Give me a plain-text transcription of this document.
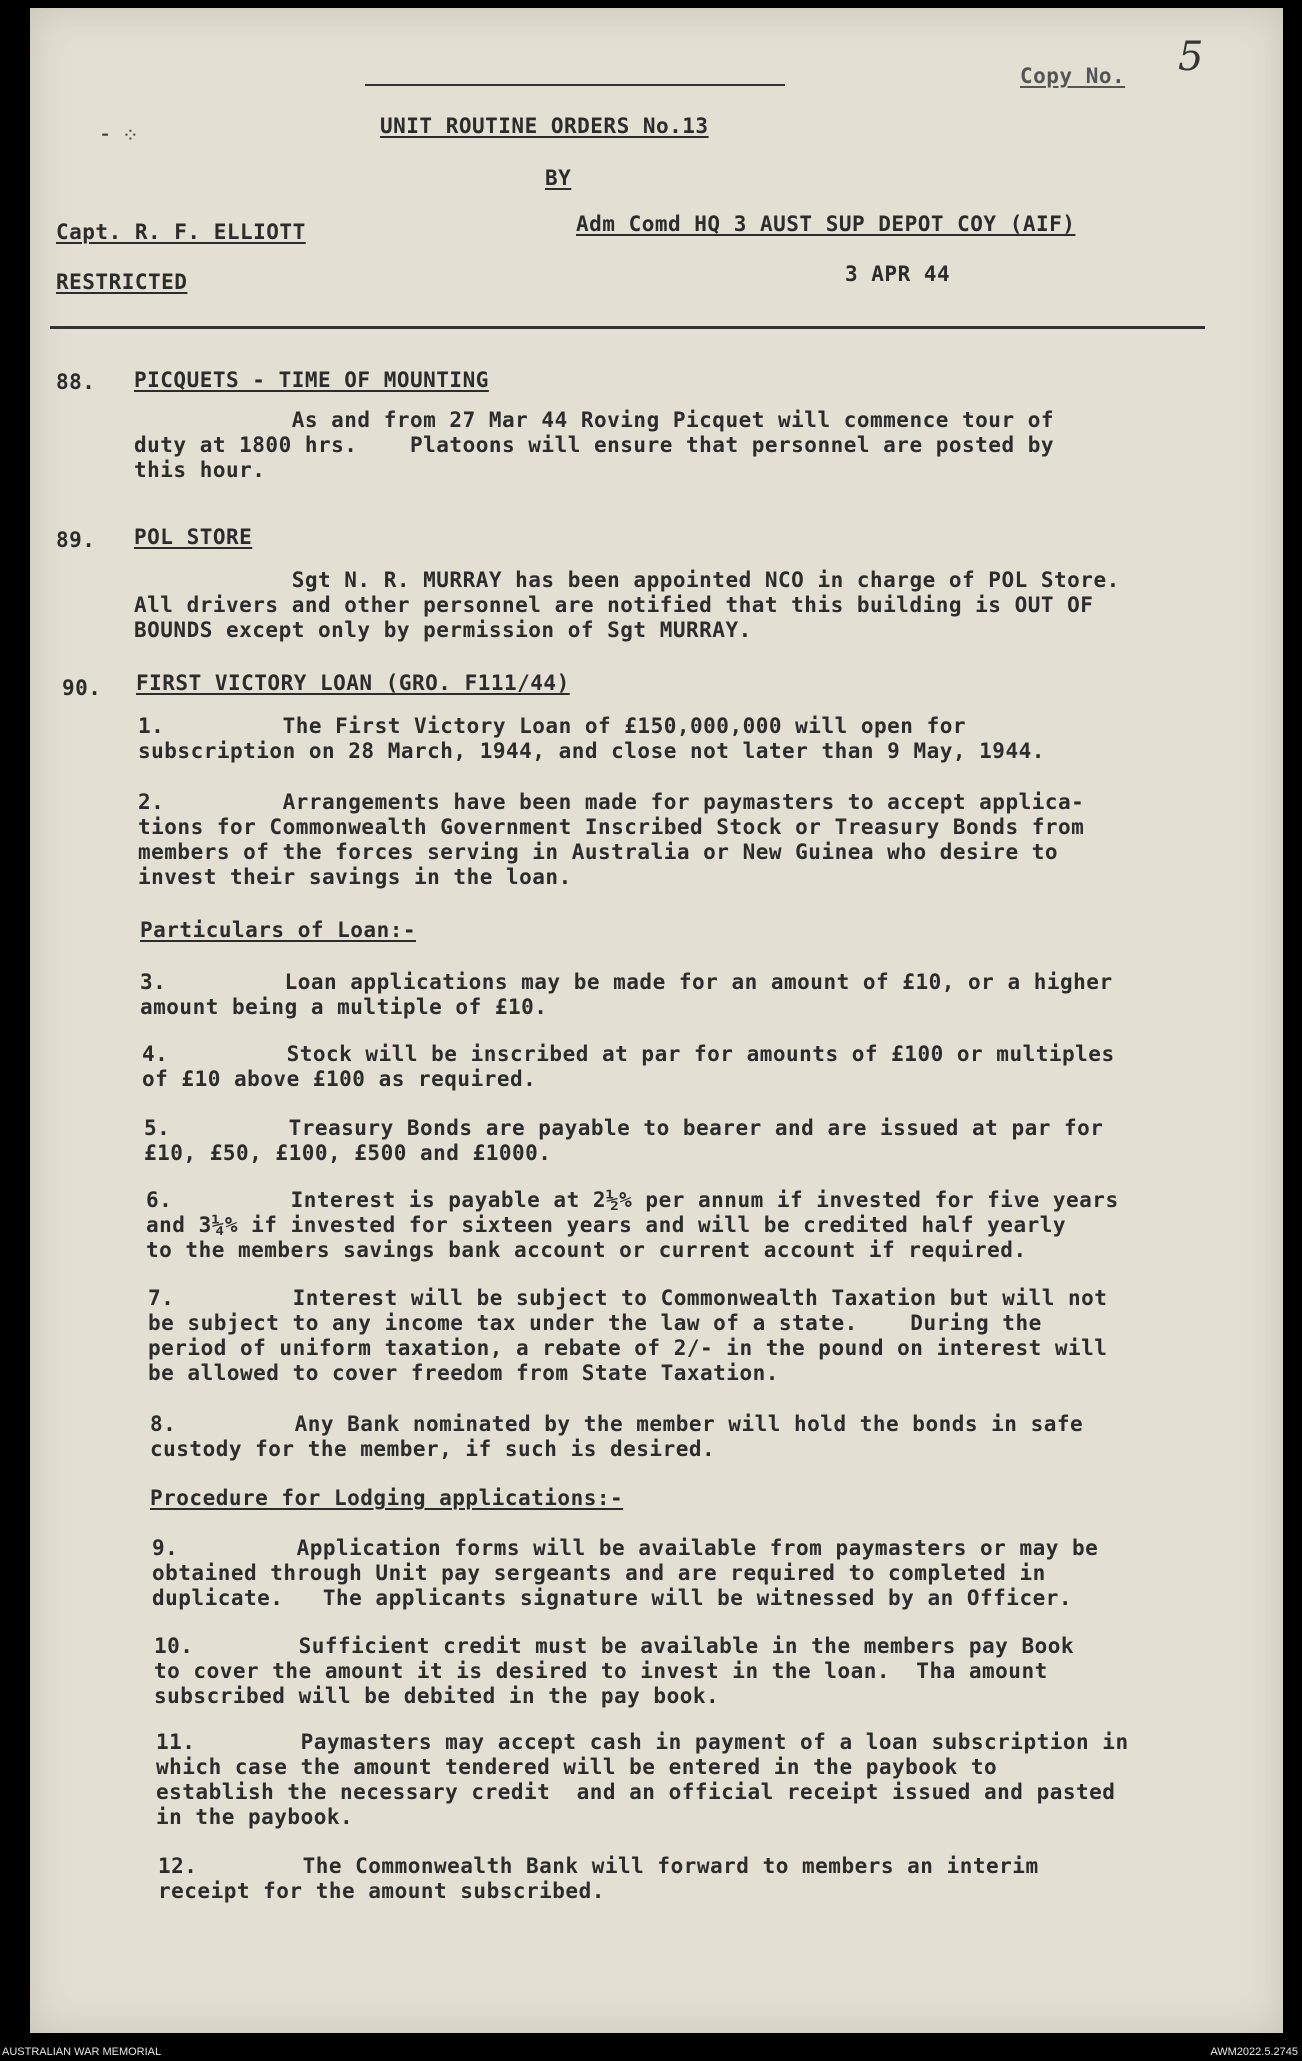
Copy No. 5
⁃ ⁘	UNIT ROUTINE ORDERS No.13
BY
Capt. R. F. ELLIOTT	Adm Comd HQ 3 AUST SUP DEPOT COY (AIF)
RESTRICTED	3 APR 44
88. PICQUETS - TIME OF MOUNTING
As and from 27 Mar 44 Roving Picquet will commence tour of
duty at 1800 hrs.    Platoons will ensure that personnel are posted by
this hour.
89. POL STORE
Sgt N. R. MURRAY has been appointed NCO in charge of POL Store.
All drivers and other personnel are notified that this building is OUT OF
BOUNDS except only by permission of Sgt MURRAY.
90. FIRST VICTORY LOAN (GRO. F111/44)
1.         The First Victory Loan of £150,000,000 will open for
subscription on 28 March, 1944, and close not later than 9 May, 1944.
2.         Arrangements have been made for paymasters to accept applica-
tions for Commonwealth Government Inscribed Stock or Treasury Bonds from
members of the forces serving in Australia or New Guinea who desire to
invest their savings in the loan.
Particulars of Loan:-
3.         Loan applications may be made for an amount of £10, or a higher
amount being a multiple of £10.
4.         Stock will be inscribed at par for amounts of £100 or multiples
of £10 above £100 as required.
5.         Treasury Bonds are payable to bearer and are issued at par for
£10, £50, £100, £500 and £1000.
6.         Interest is payable at 2½% per annum if invested for five years
and 3¼% if invested for sixteen years and will be credited half yearly
to the members savings bank account or current account if required.
7.         Interest will be subject to Commonwealth Taxation but will not
be subject to any income tax under the law of a state.    During the
period of uniform taxation, a rebate of 2/- in the pound on interest will
be allowed to cover freedom from State Taxation.
8.         Any Bank nominated by the member will hold the bonds in safe
custody for the member, if such is desired.
Procedure for Lodging applications:-
9.         Application forms will be available from paymasters or may be
obtained through Unit pay sergeants and are required to completed in
duplicate.   The applicants signature will be witnessed by an Officer.
10.        Sufficient credit must be available in the members pay Book
to cover the amount it is desired to invest in the loan.  Tha amount
subscribed will be debited in the pay book.
11.        Paymasters may accept cash in payment of a loan subscription in
which case the amount tendered will be entered in the paybook to
establish the necessary credit  and an official receipt issued and pasted
in the paybook.
12.        The Commonwealth Bank will forward to members an interim
receipt for the amount subscribed.
AUSTRALIAN WAR MEMORIAL	AWM2022.5.2745
